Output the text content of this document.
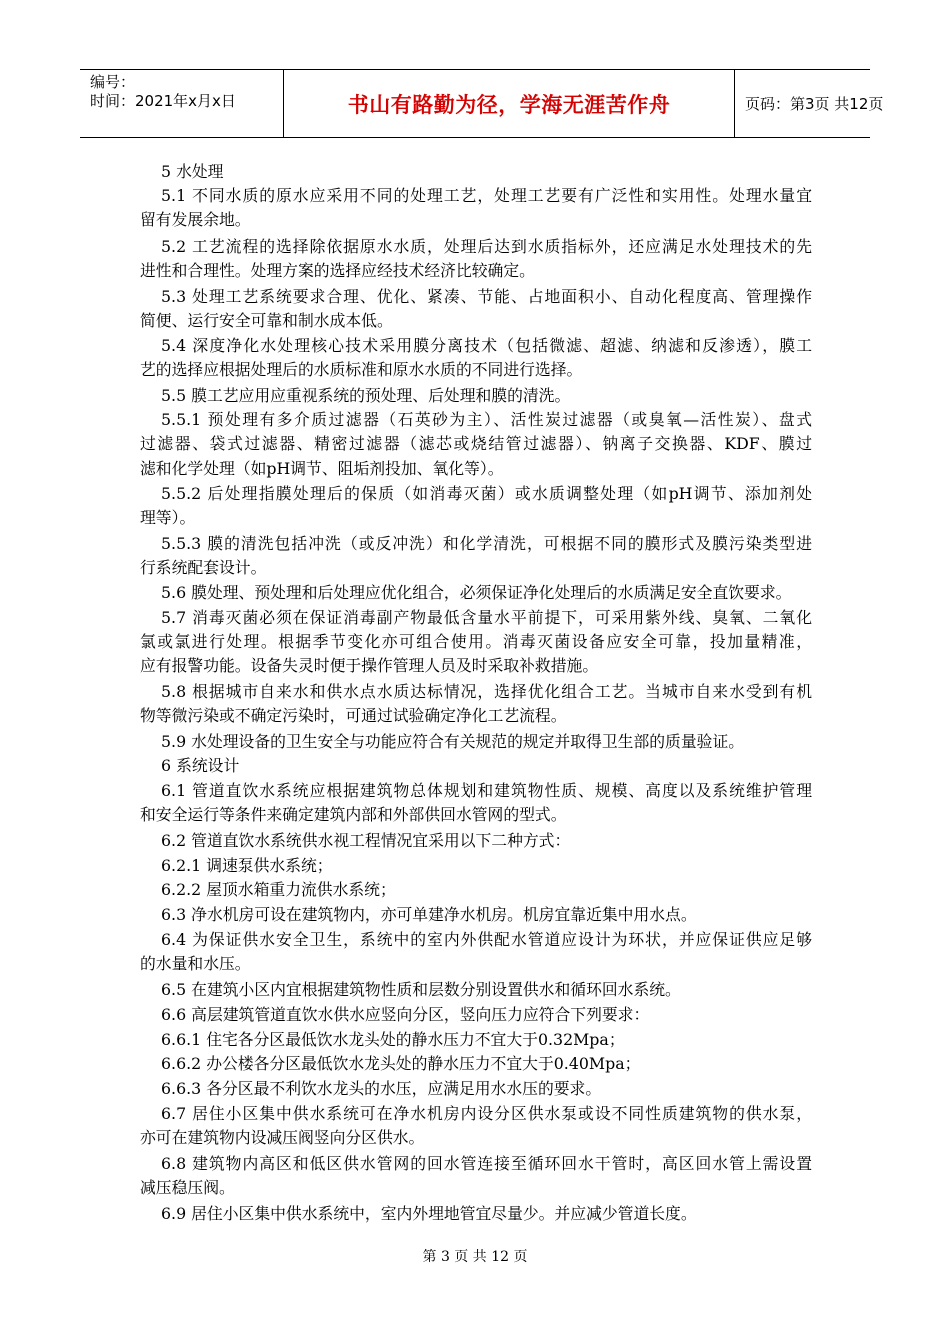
编号：
时间：2021年x月x日	书山有路勤为径，学海无涯苦作舟	页码：第3页 共12页
5 水处理
5.1 不同水质的原水应采用不同的处理工艺，处理工艺要有广泛性和实用性。处理水量宜
留有发展余地。
5.2 工艺流程的选择除依据原水水质，处理后达到水质指标外，还应满足水处理技术的先
进性和合理性。处理方案的选择应经技术经济比较确定。
5.3 处理工艺系统要求合理、优化、紧凑、节能、占地面积小、自动化程度高、管理操作
简便、运行安全可靠和制水成本低。
5.4 深度净化水处理核心技术采用膜分离技术（包括微滤、超滤、纳滤和反渗透），膜工
艺的选择应根据处理后的水质标准和原水水质的不同进行选择。
5.5 膜工艺应用应重视系统的预处理、后处理和膜的清洗。
5.5.1 预处理有多介质过滤器（石英砂为主）、活性炭过滤器（或臭氧—活性炭）、盘式
过滤器、袋式过滤器、精密过滤器（滤芯或烧结管过滤器）、钠离子交换器、KDF、膜过
滤和化学处理（如pH调节、阻垢剂投加、氧化等）。
5.5.2 后处理指膜处理后的保质（如消毒灭菌）或水质调整处理（如pH调节、添加剂处
理等）。
5.5.3 膜的清洗包括冲洗（或反冲洗）和化学清洗，可根据不同的膜形式及膜污染类型进
行系统配套设计。
5.6 膜处理、预处理和后处理应优化组合，必须保证净化处理后的水质满足安全直饮要求。
5.7 消毒灭菌必须在保证消毒副产物最低含量水平前提下，可采用紫外线、臭氧、二氧化
氯或氯进行处理。根据季节变化亦可组合使用。消毒灭菌设备应安全可靠，投加量精准，
应有报警功能。设备失灵时便于操作管理人员及时采取补救措施。
5.8 根据城市自来水和供水点水质达标情况，选择优化组合工艺。当城市自来水受到有机
物等微污染或不确定污染时，可通过试验确定净化工艺流程。
5.9 水处理设备的卫生安全与功能应符合有关规范的规定并取得卫生部的质量验证。
6 系统设计
6.1 管道直饮水系统应根据建筑物总体规划和建筑物性质、规模、高度以及系统维护管理
和安全运行等条件来确定建筑内部和外部供回水管网的型式。
6.2 管道直饮水系统供水视工程情况宜采用以下二种方式：
6.2.1 调速泵供水系统；
6.2.2 屋顶水箱重力流供水系统；
6.3 净水机房可设在建筑物内，亦可单建净水机房。机房宜靠近集中用水点。
6.4 为保证供水安全卫生，系统中的室内外供配水管道应设计为环状，并应保证供应足够
的水量和水压。
6.5 在建筑小区内宜根据建筑物性质和层数分别设置供水和循环回水系统。
6.6 高层建筑管道直饮水供水应竖向分区，竖向压力应符合下列要求：
6.6.1 住宅各分区最低饮水龙头处的静水压力不宜大于0.32Mpa；
6.6.2 办公楼各分区最低饮水龙头处的静水压力不宜大于0.40Mpa；
6.6.3 各分区最不利饮水龙头的水压，应满足用水水压的要求。
6.7 居住小区集中供水系统可在净水机房内设分区供水泵或设不同性质建筑物的供水泵，
亦可在建筑物内设减压阀竖向分区供水。
6.8 建筑物内高区和低区供水管网的回水管连接至循环回水干管时，高区回水管上需设置
减压稳压阀。
6.9 居住小区集中供水系统中，室内外埋地管宜尽量少。并应减少管道长度。
第 3 页 共 12 页
